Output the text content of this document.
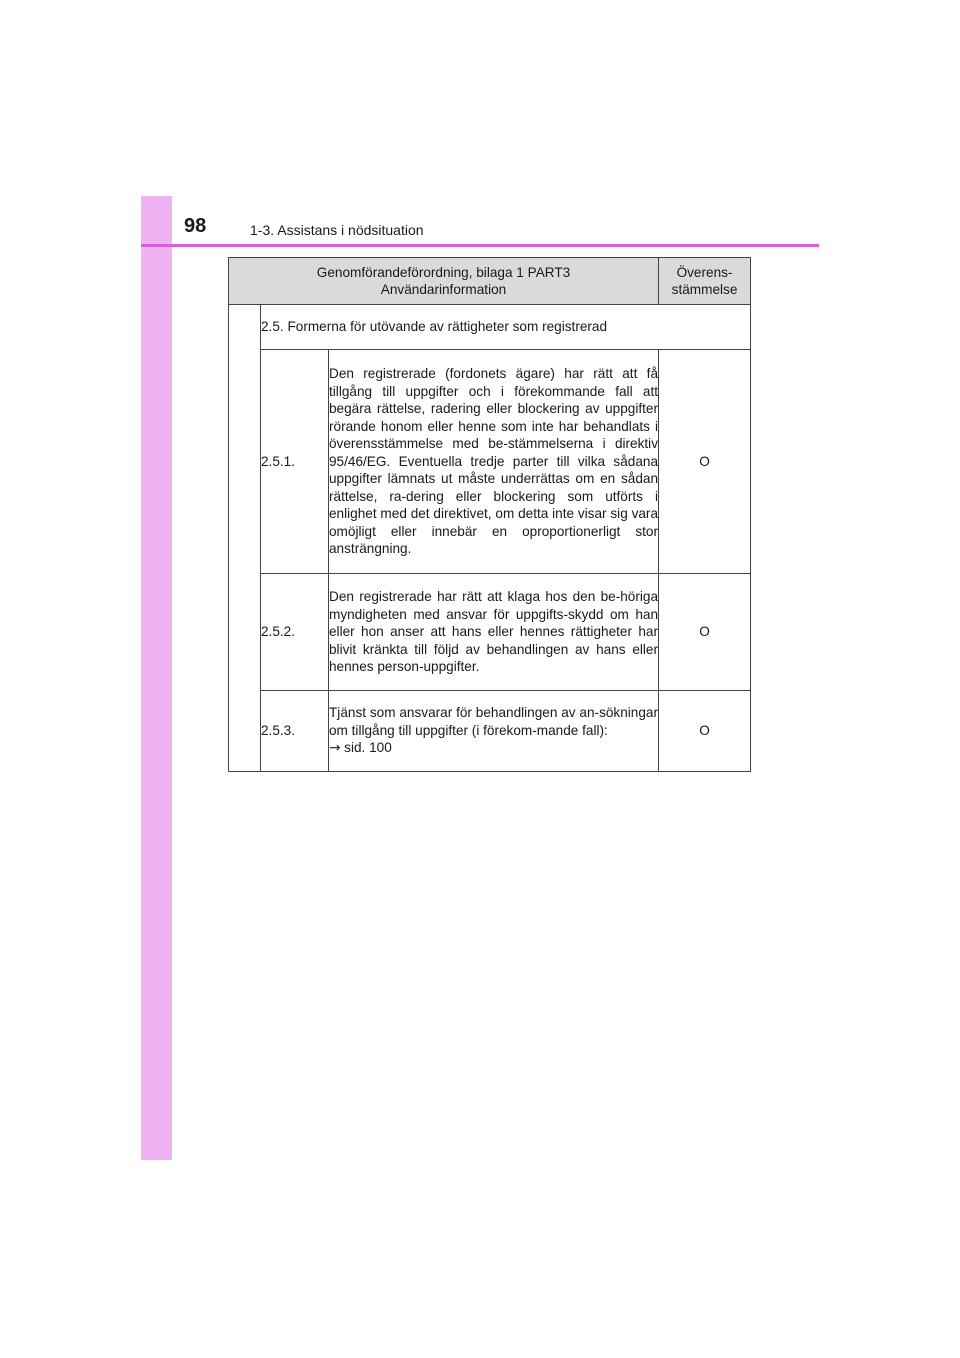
98	1-3. Assistans i nödsituation
Genomförandeförordning, bilaga 1 PART3
Användarinformation			Överens-
stämmelse

	2.5. Formerna för utövande av rättigheter som registrerad		
	2.5.1.	Den registrerade (fordonets ägare) har rätt att få tillgång till uppgifter och i förekommande fall att begära rättelse, radering eller blockering av uppgifter rörande honom eller henne som inte har behandlats i överensstämmelse med be-stämmelserna i direktiv 95/46/EG. Eventuella tredje parter till vilka sådana uppgifter lämnats ut måste underrättas om en sådan rättelse, ra-dering eller blockering som utförts i enlighet med det direktivet, om detta inte visar sig vara omöjligt eller innebär en oproportionerligt stor ansträngning.	O
	2.5.2.	Den registrerade har rätt att klaga hos den be-höriga myndigheten med ansvar för uppgifts-skydd om han eller hon anser att hans eller hennes rättigheter har blivit kränkta till följd av behandlingen av hans eller hennes person-uppgifter.	O
	2.5.3.	Tjänst som ansvarar för behandlingen av an-sökningar om tillgång till uppgifter (i förekom-mande fall):
→ sid. 100	O
